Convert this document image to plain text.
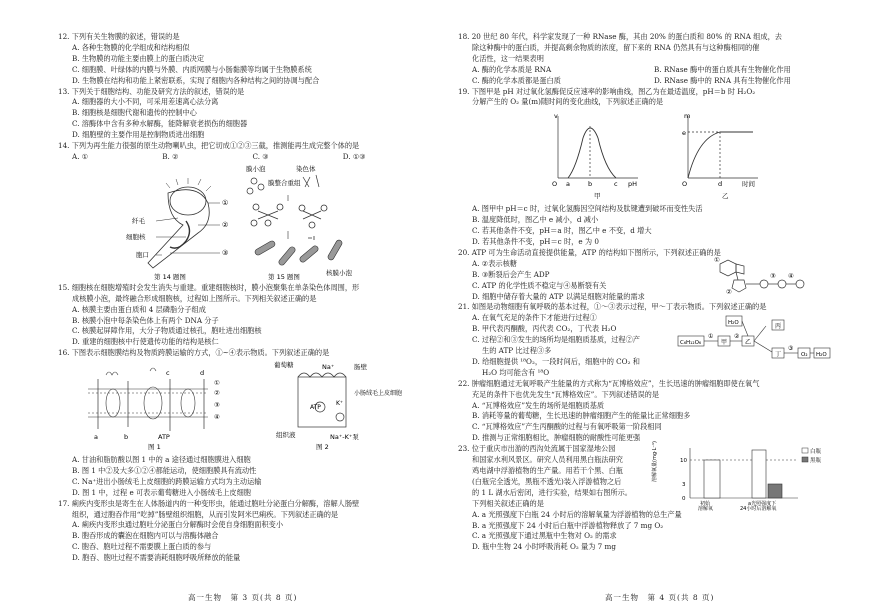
12. 下列有关生物膜的叙述，错误的是

A. 各种生物膜的化学组成和结构相似

B. 生物膜的功能主要由膜上的蛋白质决定

C. 细胞膜、叶绿体的内膜与外膜、内质网膜与小肠黏膜等均属于生物膜系统

D. 生物膜在结构和功能上紧密联系，实现了细胞内各种结构之间的协调与配合

13. 下列关于细胞结构、功能及研究方法的叙述，错误的是

A. 细胞器的大小不同，可采用差速离心法分离

B. 细胞核是细胞代谢和遗传的控制中心

C. 溶酶体中含有多种水解酶，能降解衰老损伤的细胞器

D. 细胞壁的主要作用是控制物质进出细胞

14. 下列为再生能力很强的原生动物喇叭虫，把它切成①②③三截，推测能再生成完整个体的是

A. ①	B. ②	C. ③	D. ①③
①
②
③
纤毛
细胞核
胞口
第 14 题图
膜小泡	染色体
膜整合重组
核膜小泡
第 15 题图

15. 细胞核在细胞增殖时会发生消失与重建。重建细胞核时，膜小泡聚集在单条染色体周围，形

成核膜小泡，最终融合形成细胞核，过程如上图所示。下列相关叙述正确的是

A. 核膜主要由蛋白质和 4 层磷脂分子组成

B. 核膜小泡中每条染色体上有两个 DNA 分子

C. 核膜起屏障作用，大分子物质通过核孔，胞吐进出细胞核

D. 重建的细胞核中行使遗传功能的结构是核仁

16. 下图表示细胞膜结构及物质跨膜运输的方式，①~④表示物质。下列叙述正确的是

a	b
c	d
ATP
①
②
③
④
图 1
葡萄糖	Na⁺	肠壁
小肠绒毛上皮细胞
ATP
K⁺
组织液	Na⁺-K⁺泵
图 2

A. 甘油和脂肪酸以图 1 中的 a 途径通过细胞膜进入细胞

B. 图 1 中②及大多①②④都能运动，使细胞膜具有流动性

C. Na⁺进出小肠绒毛上皮细胞的跨膜运输方式均为主动运输

D. 图 1 中，过程 e 可表示葡萄糖进入小肠绒毛上皮细胞

17. 痢疾内变形虫是寄生在人体肠道内的一种变形虫，能通过胞吐分泌蛋白分解酶，溶解人肠壁

组织，通过胞吞作用“吃掉”肠壁组织细胞，从而引发阿米巴痢疾。下列叙述正确的是

A. 痢疾内变形虫通过胞吐分泌蛋白分解酶时会使自身细胞面积变小

B. 胞吞形成的囊泡在细胞内可以与溶酶体融合

C. 胞吞、胞吐过程不需要膜上蛋白质的参与

D. 胞吞、胞吐过程不需要消耗细胞呼吸所释放的能量

18. 20 世纪 80 年代，科学家发现了一种 RNase 酶，其由 20% 的蛋白质和 80% 的 RNA 组成，去

除这种酶中的蛋白质，并提高剩余物质的浓度，留下来的 RNA 仍然具有与这种酶相同的催

化活性，这一结果表明

A. 酶的化学本质是 RNA	B. RNase 酶中的蛋白质具有生物催化作用
C. 酶的化学本质都是蛋白质	D. RNase 酶中的 RNA 具有生物催化作用

19. 下图甲是 pH 对过氧化氢酶促反应速率的影响曲线，图乙为在最适温度，pH＝b 时 H₂O₂

分解产生的 O₂ 量(m)随时间的变化曲线，下列叙述正确的是

v
O a	b	c pH
甲
m
e
O	d	时间
乙

A. 图甲中 pH＝c 时，过氧化氢酶因空间结构及肽键遭到破坏而变性失活

B. 温度降低时，图乙中 e 减小，d 减小

C. 若其他条件不变，pH＝a 时，图乙中 e 不变，d 增大

D. 若其他条件不变，pH＝c 时，e 为 0

20. ATP 可为生命活动直接提供能量，ATP 的结构如下图所示，下列叙述正确的是

A. ②表示核糖

B. ③断裂后会产生 ADP

C. ATP 的化学性质不稳定与④易断裂有关

D. 细胞中储存着大量的 ATP 以满足细胞对能量的需求

①
②
③ ④

21. 如图是动物细胞有氧呼吸的基本过程，①～③表示过程，甲～丁表示物质。下列叙述正确的是

A. 在氧气充足的条件下才能进行过程①

B. 甲代表丙酮酸，丙代表 CO₂，丁代表 H₂O

C. 过程②和③发生的场所均是细胞质基质，过程②产

生的 ATP 比过程③多

D. 给细胞提供 ¹⁸O₂，一段时间后，细胞中的 CO₂ 和

H₂O 均可能含有 ¹⁸O

C₆H₁₂O₆	甲	乙
H₂O	丙
丁	O₂ H₂O
①	②
③

22. 肿瘤细胞通过无氧呼吸产生能量的方式称为“瓦博格效应”，生长迅速的肿瘤细胞即使在氧气

充足的条件下也优先发生“瓦博格效应”。下列叙述错误的是

A. “瓦博格效应”发生的场所是细胞质基质

B. 消耗等量的葡萄糖，生长迅速的肿瘤细胞产生的能量比正常细胞多

C. “瓦博格效应”产生丙酮酸的过程与有氧呼吸第一阶段相同

D. 推测与正常细胞相比，肿瘤细胞的耐酸性可能更强

23. 位于重庆市出游的西沟处流属于国家湿地公园

和国家水利风景区。研究人员利用黑白瓶法研究

鸡电湖中浮游植物的生产量。用若干个黑、白瓶

(白瓶完全透光，黑瓶不透光)装入浮游植物之后

的 1 L 湖水后密闭，进行实验，结果如右图所示。

下列相关叙述正确的是

A. a 光照强度下白瓶 24 小时后的溶解氧量为浮游植物的总生产量

B. a 光照强度下 24 小时后白瓶中浮游植物释放了 7 mg O₂

C. a 光照强度下通过黑瓶中生物对 O₂ 的需求

D. 瓶中生物 24 小时呼吸消耗 O₂ 量为 7 mg

溶解氧量(mg·L⁻¹)	10
3
0
初始
溶解氧
a光照强度下
24小时后溶解氧
白瓶
黑瓶
高一生物　第 3 页(共 8 页)	高一生物　第 4 页(共 8 页)
